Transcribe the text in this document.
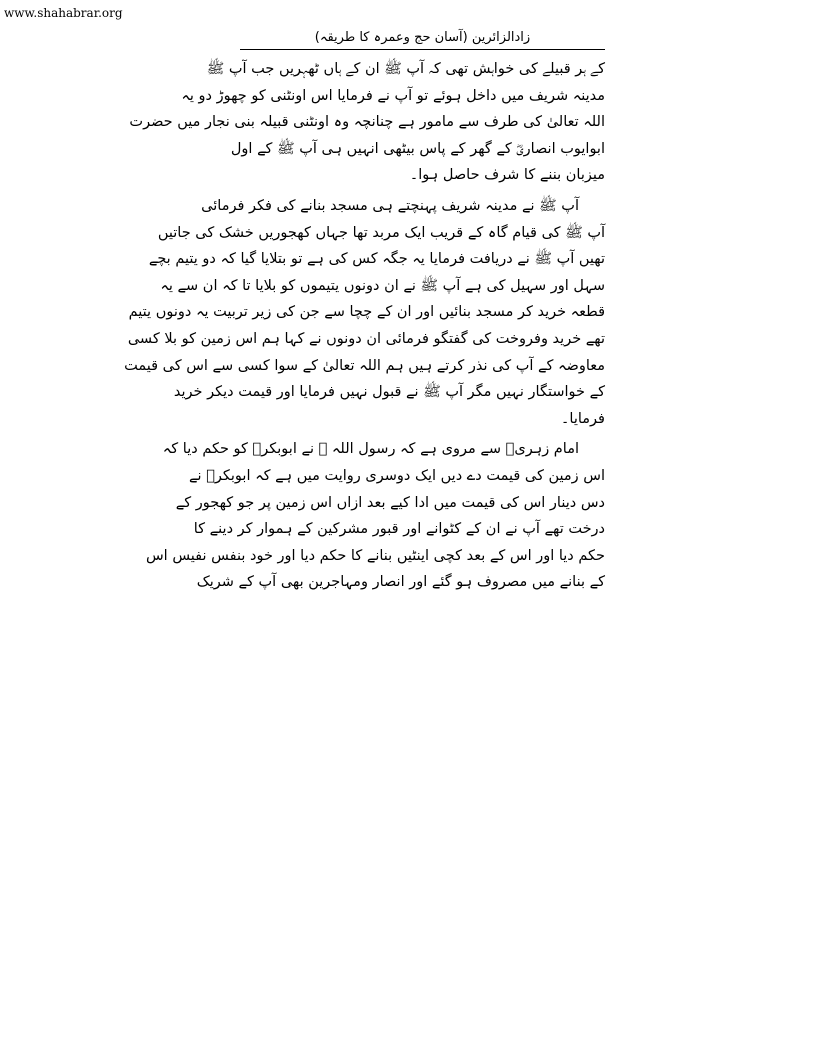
www.shahabrar.org
زادالزائرین (آسان حج وعمرہ کا طریقہ)
کے ہر قبیلے کی خواہش تھی کہ آپ ﷺ ان کے ہاں ٹھہریں جب آپ ﷺ
مدینہ شریف میں داخل ہوئے تو آپ نے فرمایا اس اونٹنی کو چھوڑ دو یہ
اللہ تعالیٰ کی طرف سے مامور ہے چنانچہ وہ اونٹنی قبیلہ بنی نجار میں حضرت
ابوایوب انصاریؓ کے گھر کے پاس بیٹھی انہیں ہی آپ ﷺ کے اول
میزبان بننے کا شرف حاصل ہوا۔
آپ ﷺ نے مدینہ شریف پہنچتے ہی مسجد بنانے کی فکر فرمائی
آپ ﷺ کی قیام گاہ کے قریب ایک مربد تھا جہاں کھجوریں خشک کی جاتیں
تھیں آپ ﷺ نے دریافت فرمایا یہ جگہ کس کی ہے تو بتلایا گیا کہ دو یتیم بچے
سہل اور سہیل کی ہے آپ ﷺ نے ان دونوں یتیموں کو بلایا تا کہ ان سے یہ
قطعہ خرید کر مسجد بنائیں اور ان کے چچا سے جن کی زیر تربیت یہ دونوں یتیم
تھے خرید وفروخت کی گفتگو فرمائی ان دونوں نے کہا ہم اس زمین کو بلا کسی
معاوضہ کے آپ کی نذر کرتے ہیں ہم اللہ تعالیٰ کے سوا کسی سے اس کی قیمت
کے خواستگار نہیں مگر آپ ﷺ نے قبول نہیں فرمایا اور قیمت دیکر خرید
فرمایا۔
امام زہریؒ سے مروی ہے کہ رسول اللہ ﷺ نے ابوبکرؓ کو حکم دیا کہ
اس زمین کی قیمت دے دیں ایک دوسری روایت میں ہے کہ ابوبکرؓ نے
دس دینار اس کی قیمت میں ادا کیے بعد ازاں اس زمین پر جو کھجور کے
درخت تھے آپ نے ان کے کٹوانے اور قبور مشرکین کے ہموار کر دینے کا
حکم دیا اور اس کے بعد کچی اینٹیں بنانے کا حکم دیا اور خود بنفس نفیس اس
کے بنانے میں مصروف ہو گئے اور انصار ومہاجرین بھی آپ کے شریک
